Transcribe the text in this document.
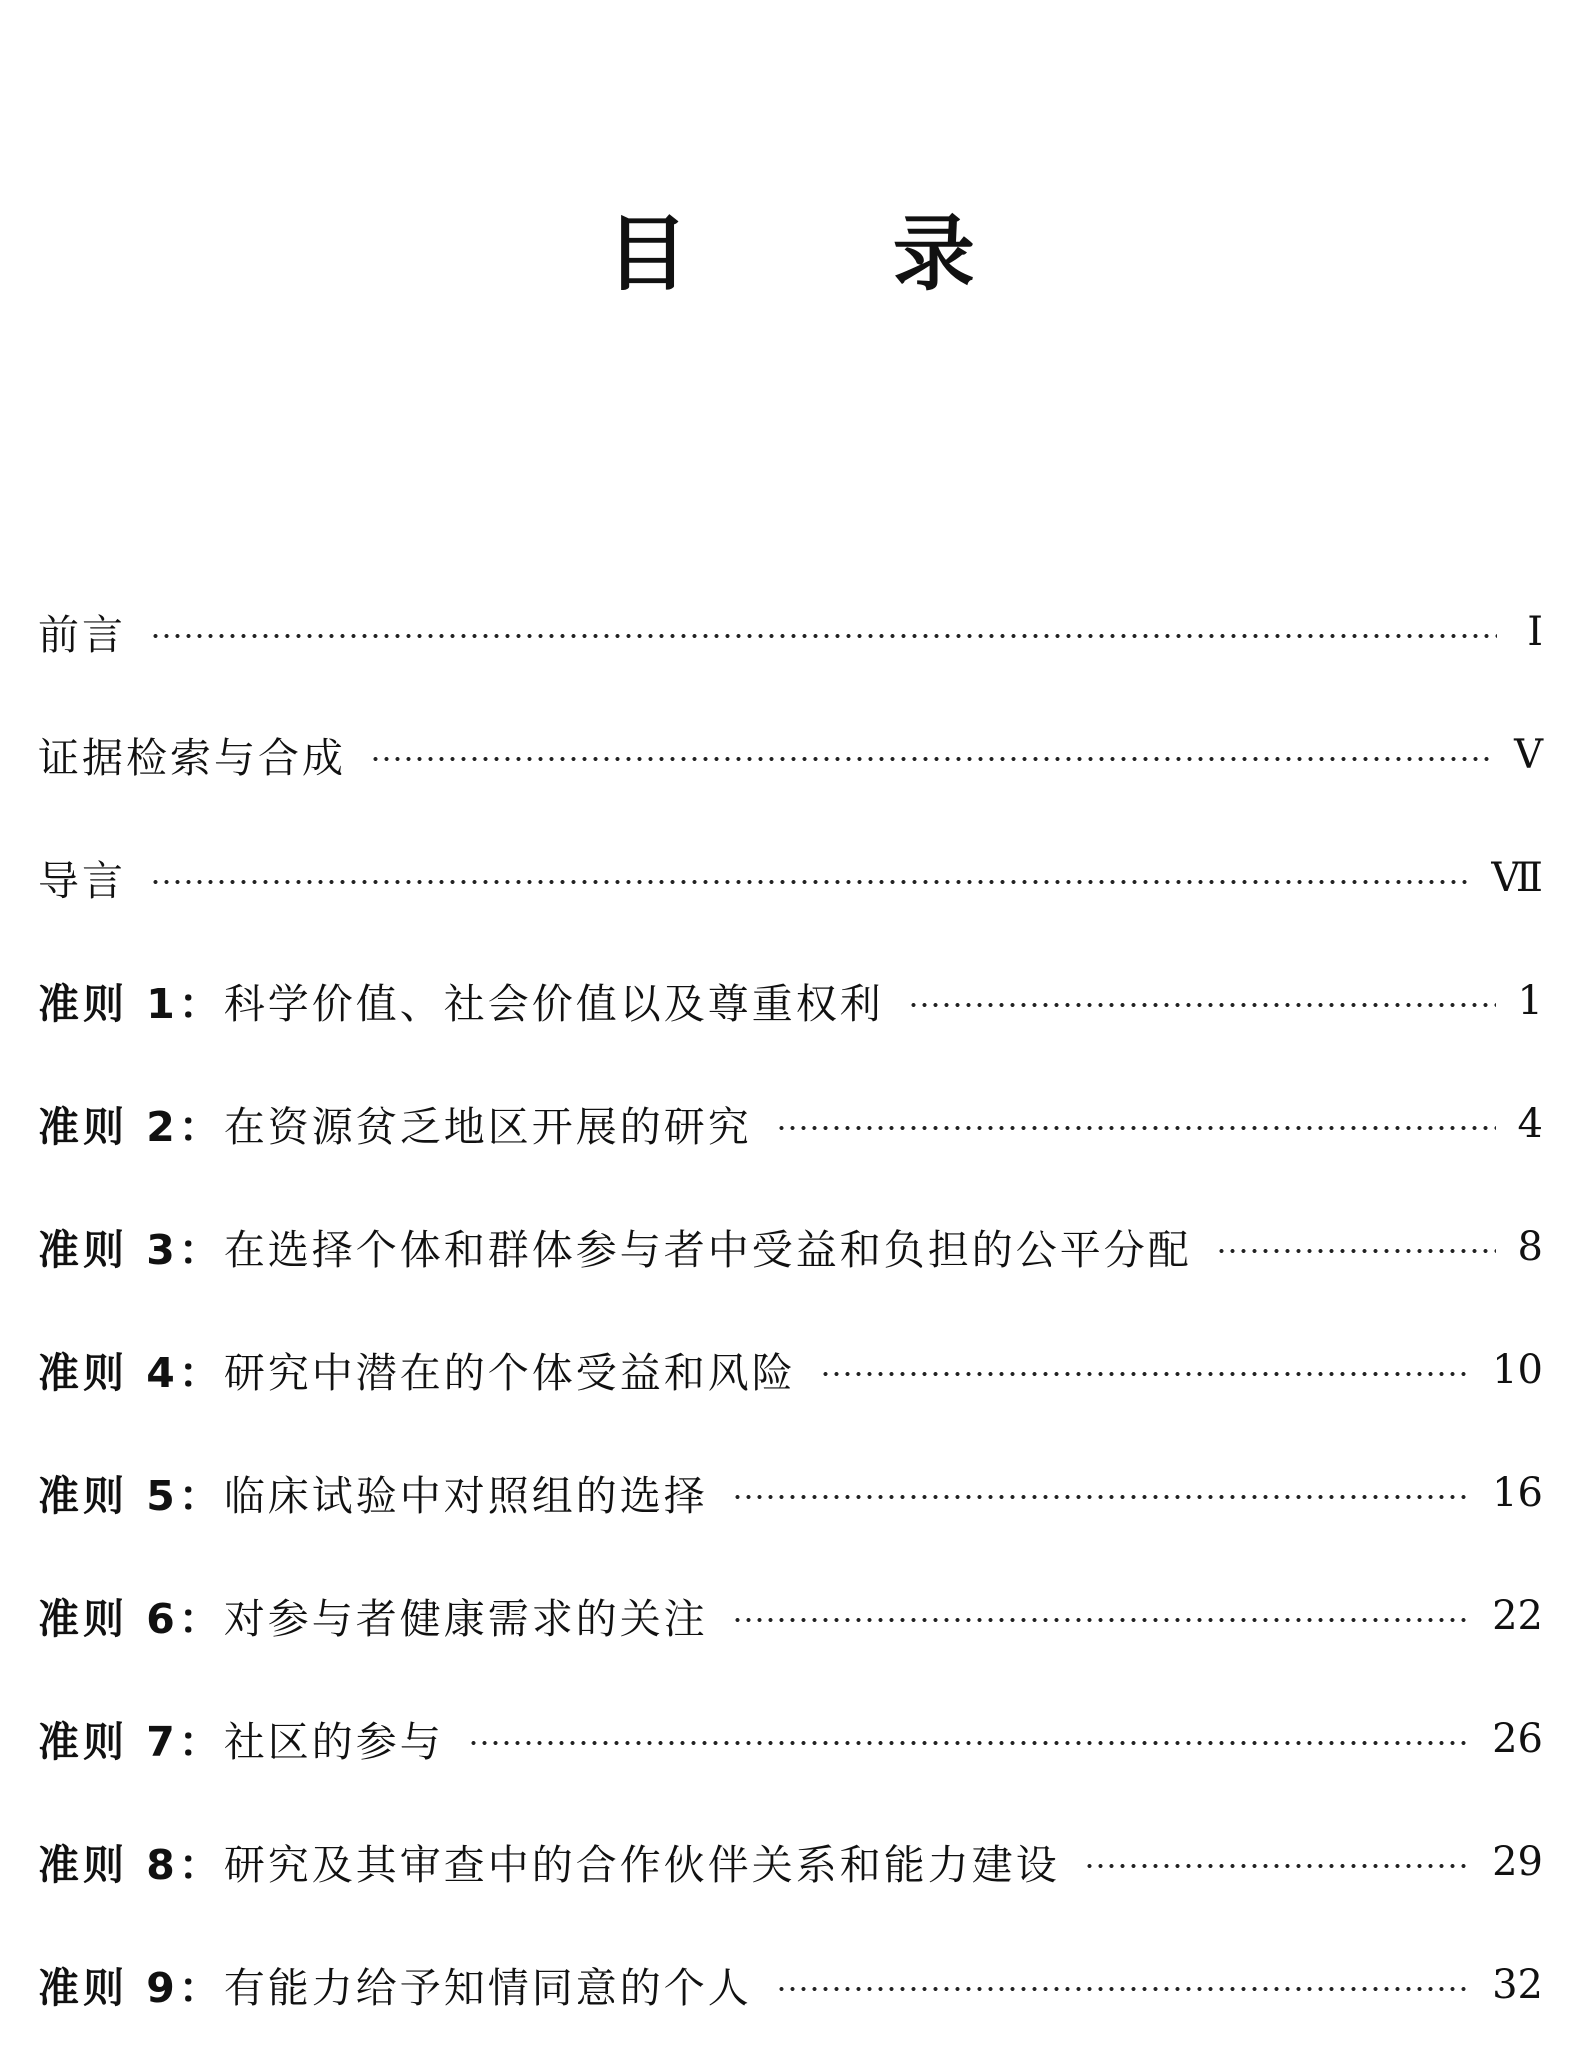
目 录
前言	Ⅰ
证据检索与合成	Ⅴ
导言	Ⅶ
准则 1：科学价值、社会价值以及尊重权利	1
准则 2：在资源贫乏地区开展的研究	4
准则 3：在选择个体和群体参与者中受益和负担的公平分配	8
准则 4：研究中潜在的个体受益和风险	10
准则 5：临床试验中对照组的选择	16
准则 6：对参与者健康需求的关注	22
准则 7：社区的参与	26
准则 8：研究及其审查中的合作伙伴关系和能力建设	29
准则 9：有能力给予知情同意的个人	32
